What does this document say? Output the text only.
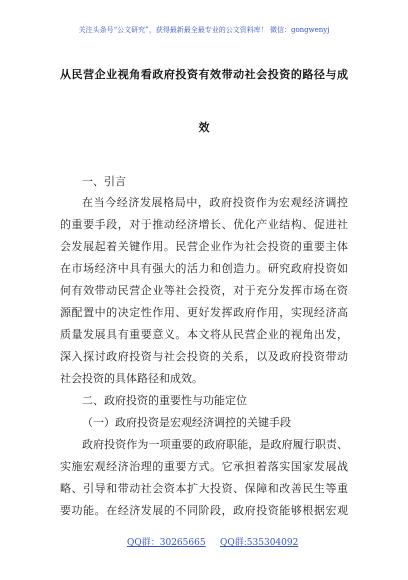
关注头条号“公文研究”，获得最新最全最专业的公文资料库！ 微信：gongwenyj
从民营企业视角看政府投资有效带动社会投资的路径与成
效
一、引言
在当今经济发展格局中，政府投资作为宏观经济调控
的重要手段，对于推动经济增长、优化产业结构、促进社
会发展起着关键作用。民营企业作为社会投资的重要主体
在市场经济中具有强大的活力和创造力。研究政府投资如
何有效带动民营企业等社会投资，对于充分发挥市场在资
源配置中的决定性作用、更好发挥政府作用，实现经济高
质量发展具有重要意义。本文将从民营企业的视角出发，
深入探讨政府投资与社会投资的关系，以及政府投资带动
社会投资的具体路径和成效。
二、政府投资的重要性与功能定位
（一）政府投资是宏观经济调控的关键手段
政府投资作为一项重要的政府职能，是政府履行职责、
实施宏观经济治理的重要方式。它承担着落实国家发展战
略、引导和带动社会资本扩大投资、保障和改善民生等重
要功能。在经济发展的不同阶段，政府投资能够根据宏观
QQ群：30265665 QQ群:535304092
